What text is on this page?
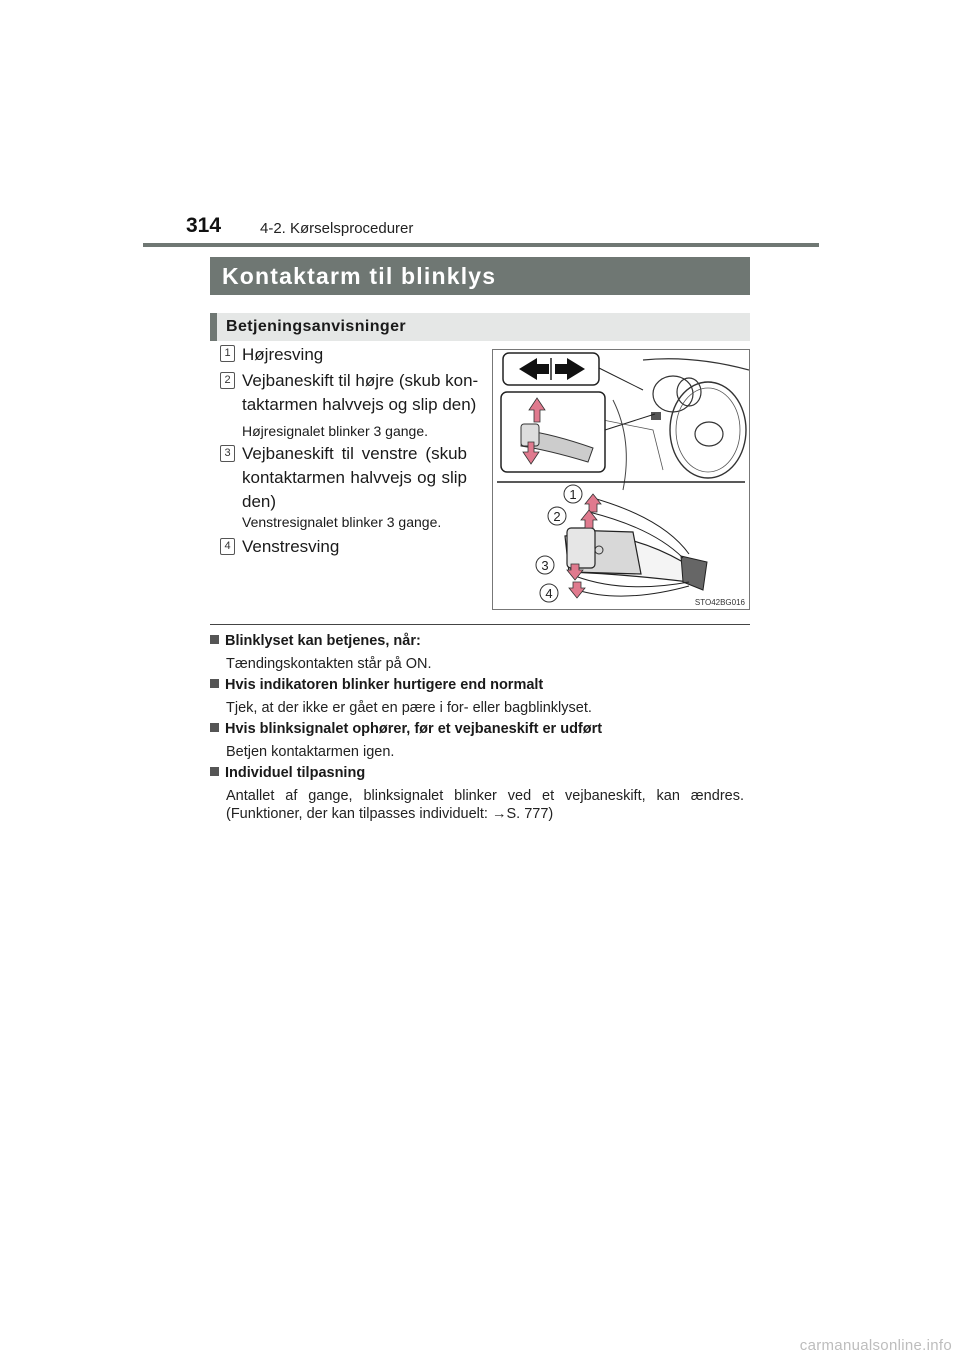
314	4-2. Kørselsprocedurer
Kontaktarm til blinklys
Betjeningsanvisninger
1 Højresving
2 Vejbaneskift til højre (skub kon-
taktarmen halvvejs og slip den)
Højresignalet blinker 3 gange.
3 Vejbaneskift til venstre (skub
kontaktarmen halvvejs og slip
den)
Venstresignalet blinker 3 gange.
4 Venstresving
1
2
3
4
STO42BG016
Blinklyset kan betjenes, når:
Tændingskontakten står på ON.
Hvis indikatoren blinker hurtigere end normalt
Tjek, at der ikke er gået en pære i for- eller bagblinklyset.
Hvis blinksignalet ophører, før et vejbaneskift er udført
Betjen kontaktarmen igen.
Individuel tilpasning
Antallet af gange, blinksignalet blinker ved et vejbaneskift, kan ændres.
(Funktioner, der kan tilpasses individuelt: →S. 777)
carmanualsonline.info
